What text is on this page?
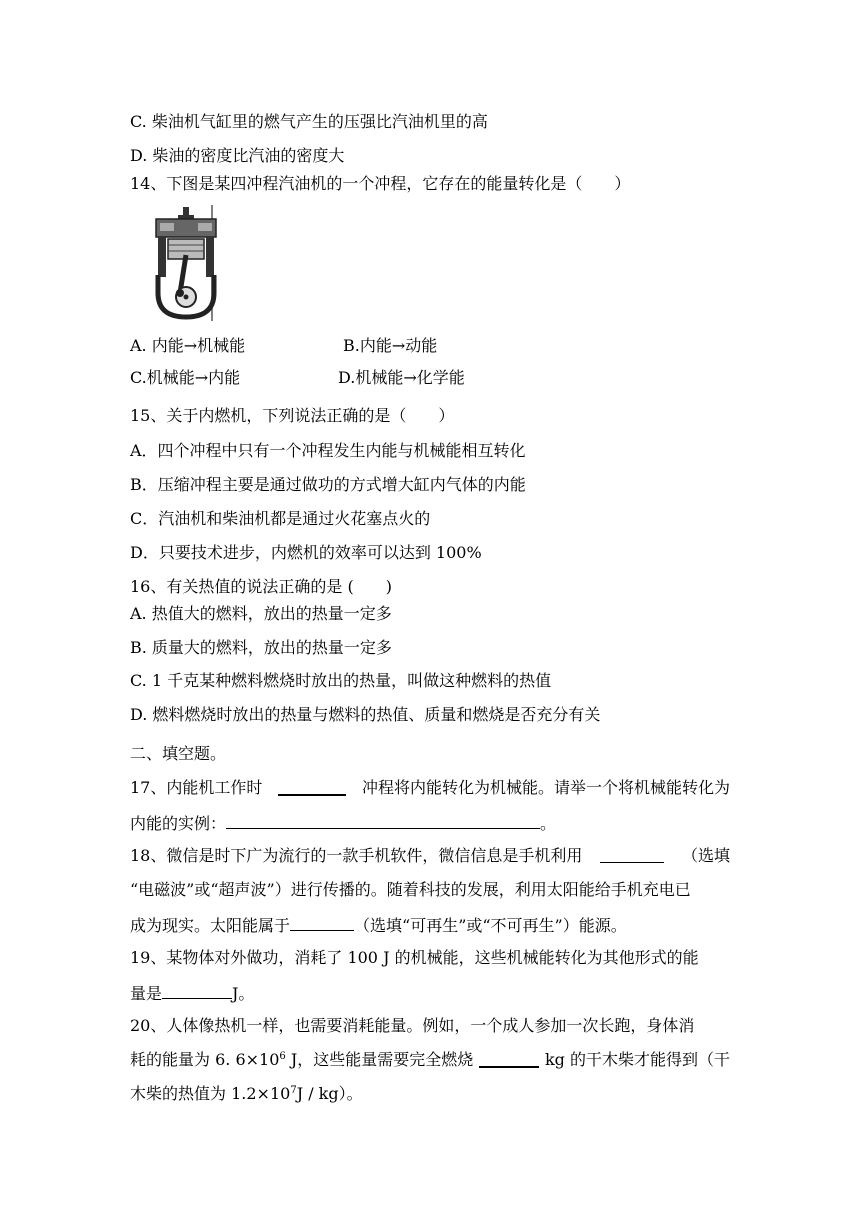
C. 柴油机气缸里的燃气产生的压强比汽油机里的高
D. 柴油的密度比汽油的密度大
14、下图是某四冲程汽油机的一个冲程，它存在的能量转化是（　　）
A. 内能→机械能	B.内能→动能
C.机械能→内能	D.机械能→化学能
15、关于内燃机，下列说法正确的是（　　）
A．四个冲程中只有一个冲程发生内能与机械能相互转化
B．压缩冲程主要是通过做功的方式增大缸内气体的内能
C．汽油机和柴油机都是通过火花塞点火的
D．只要技术进步，内燃机的效率可以达到 100%
16、有关热值的说法正确的是 (　　)
A. 热值大的燃料，放出的热量一定多
B. 质量大的燃料，放出的热量一定多
C. 1 千克某种燃料燃烧时放出的热量，叫做这种燃料的热值
D. 燃料燃烧时放出的热量与燃料的热值、质量和燃烧是否充分有关
二、填空题。
17、内能机工作时	冲程将内能转化为机械能。请举一个将机械能转化为
内能的实例：	。
18、微信是时下广为流行的一款手机软件，微信信息是手机利用	（选填
“电磁波”或“超声波”）进行传播的。随着科技的发展，利用太阳能给手机充电已
成为现实。太阳能属于	（选填“可再生”或“不可再生”）能源。
19、某物体对外做功，消耗了 100 J 的机械能，这些机械能转化为其他形式的能
量是	J。
20、人体像热机一样，也需要消耗能量。例如，一个成人参加一次长跑，身体消
耗的能量为 6. $6\times 10^6$ J，这些能量需要完全燃烧	kg 的干木柴才能得到（干
木柴的热值为 $1.2\times 10^7J / kg$）。
